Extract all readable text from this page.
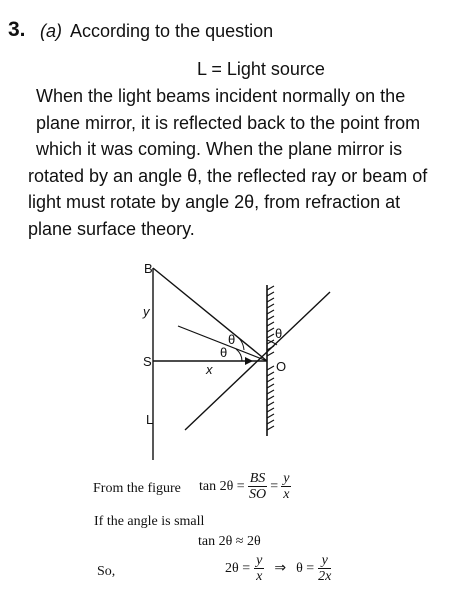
3. (a) According to the question
L = Light source
When the light beams incident normally on the
plane mirror, it is reflected back to the point from
which it was coming. When the plane mirror is
rotated by an angle θ, the reflected ray or beam of
light must rotate by angle 2θ, from refraction at
plane surface theory.
B
y
S
x
L
O
θ
θ
θ
From the figure $\tan 2\theta = \frac{BS}{SO} = \frac{y}{x}$
If the angle is small
tan 2θ ≈ 2θ
So,	$2\theta = \frac{y}{x}$ ⇒ $\theta = \frac{y}{2x}$
